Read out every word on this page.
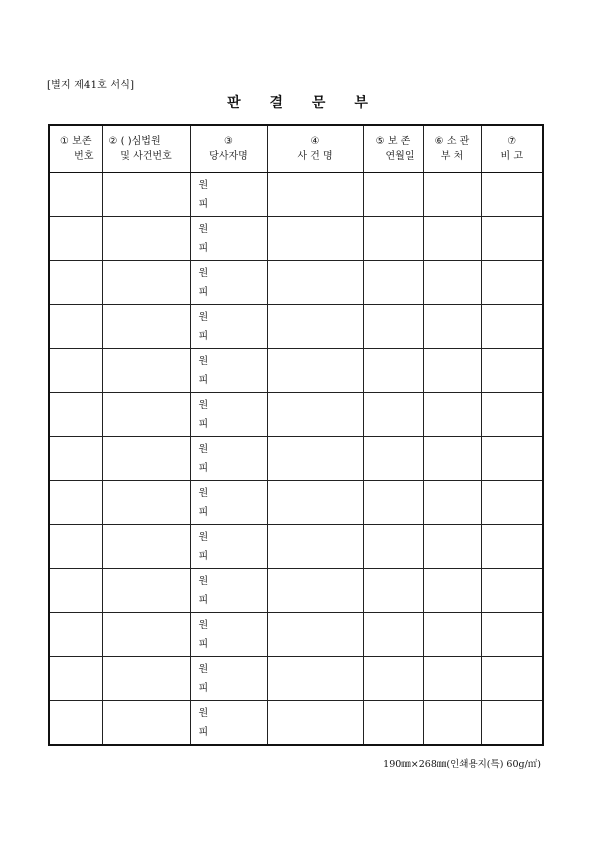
[별지 제41호 서식]
판 결 문 부
① 보존
번호	② ( )심법원
및 사건번호	③
당사자명	④
사 건 명	⑤ 보 존
연월일	⑥ 소 관
부 처	⑦
비 고

		원
피				

		원
피				

		원
피				

		원
피				

		원
피				

		원
피				

		원
피				

		원
피				

		원
피				

		원
피				

		원
피				

		원
피				

		원
피				

190㎜×268㎜(인쇄용지(특) 60g/㎡)
